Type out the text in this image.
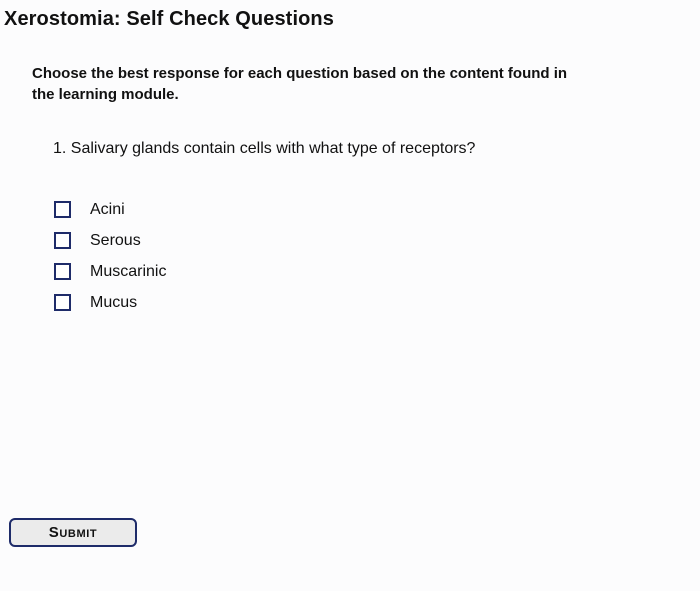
Xerostomia: Self Check Questions
Choose the best response for each question based on the content found in the learning module.
1. Salivary glands contain cells with what type of receptors?
Acini
Serous
Muscarinic
Mucus
Submit
